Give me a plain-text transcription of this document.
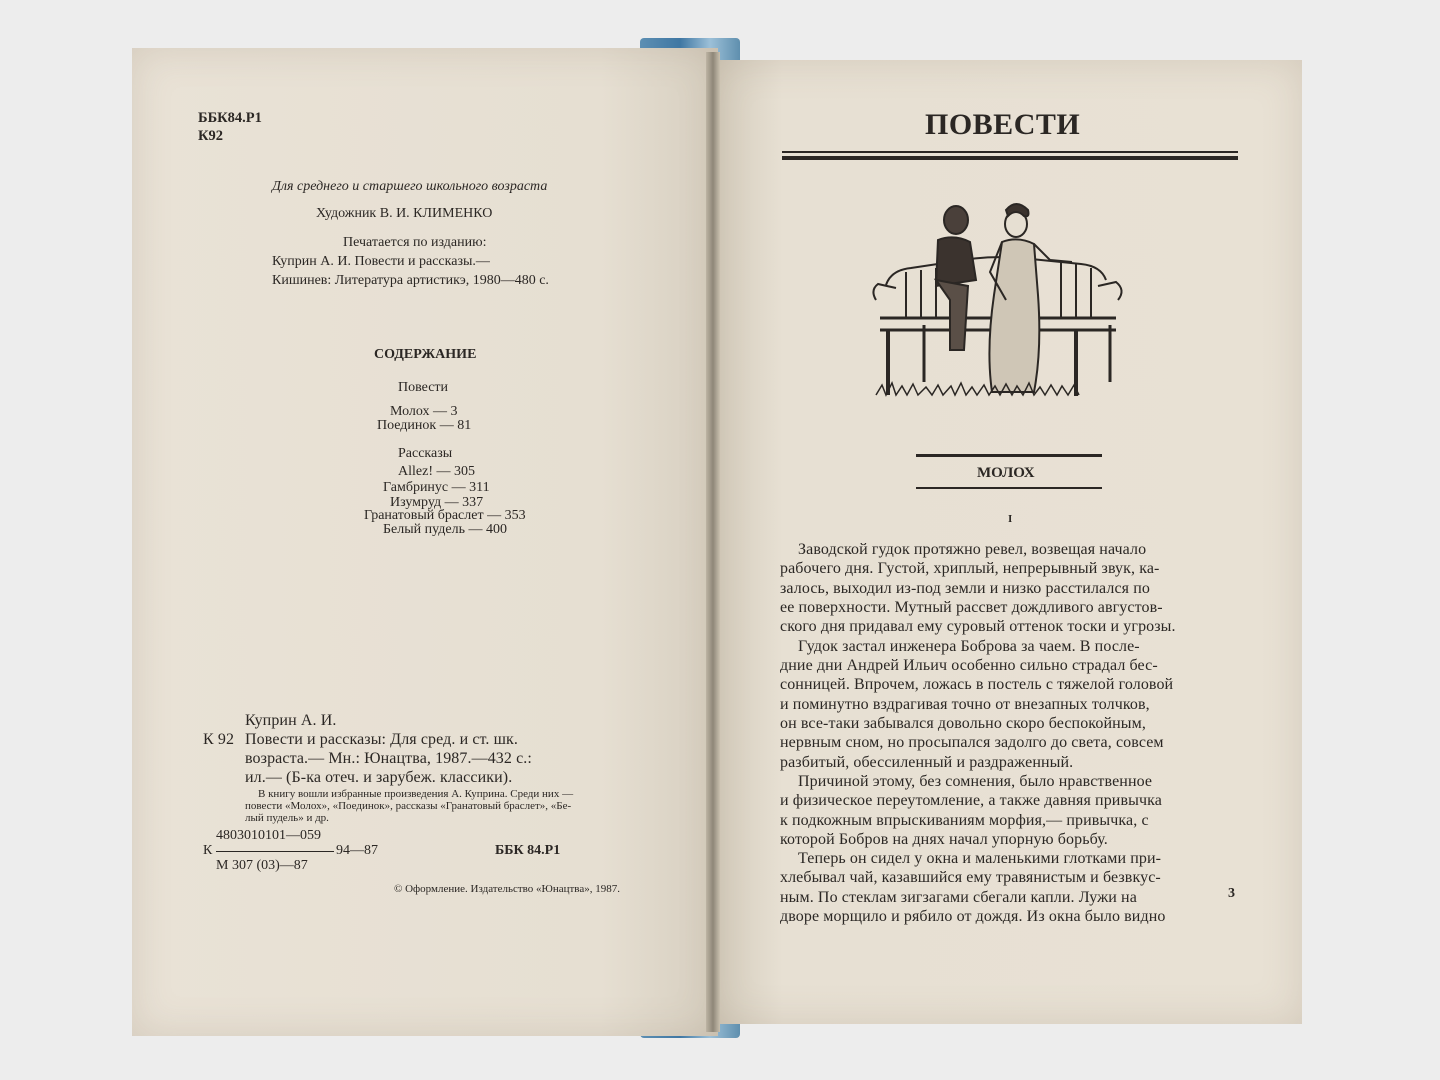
ББК84.Р1
К92
Для среднего и старшего школьного возраста
Художник В. И. КЛИМЕНКО
Печатается по изданию:
Куприн А. И. Повести и рассказы.—
Кишинев: Литература артистикэ, 1980—480 с.
СОДЕРЖАНИЕ
Повести
Молох — 3
Поединок — 81
Рассказы
Allez! — 305
Гамбринус — 311
Изумруд — 337
Гранатовый браслет — 353
Белый пудель — 400
Куприн А. И.
К 92 Повести и рассказы: Для сред. и ст. шк.
возраста.— Мн.: Юнацтва, 1987.—432 с.:
ил.— (Б-ка отеч. и зарубеж. классики).
В книгу вошли избранные произведения А. Куприна. Среди них —
повести «Молох», «Поединок», рассказы «Гранатовый браслет», «Бе-
лый пудель» и др.
4803010101—059
К	94—87
М 307 (03)—87
ББК 84.Р1
© Оформление. Издательство «Юнацтва», 1987.
ПОВЕСТИ
МОЛОХ
I
Заводской гудок протяжно ревел, возвещая начало
рабочего дня. Густой, хриплый, непрерывный звук, ка-
залось, выходил из-под земли и низко расстилался по
ее поверхности. Мутный рассвет дождливого августов-
ского дня придавал ему суровый оттенок тоски и угрозы.
Гудок застал инженера Боброва за чаем. В после-
дние дни Андрей Ильич особенно сильно страдал бес-
сонницей. Впрочем, ложась в постель с тяжелой головой
и поминутно вздрагивая точно от внезапных толчков,
он все-таки забывался довольно скоро беспокойным,
нервным сном, но просыпался задолго до света, совсем
разбитый, обессиленный и раздраженный.
Причиной этому, без сомнения, было нравственное
и физическое переутомление, а также давняя привычка
к подкожным впрыскиваниям морфия,— привычка, с
которой Бобров на днях начал упорную борьбу.
Теперь он сидел у окна и маленькими глотками при-
хлебывал чай, казавшийся ему травянистым и безвкус-
ным. По стеклам зигзагами сбегали капли. Лужи на
дворе морщило и рябило от дождя. Из окна было видно
3
